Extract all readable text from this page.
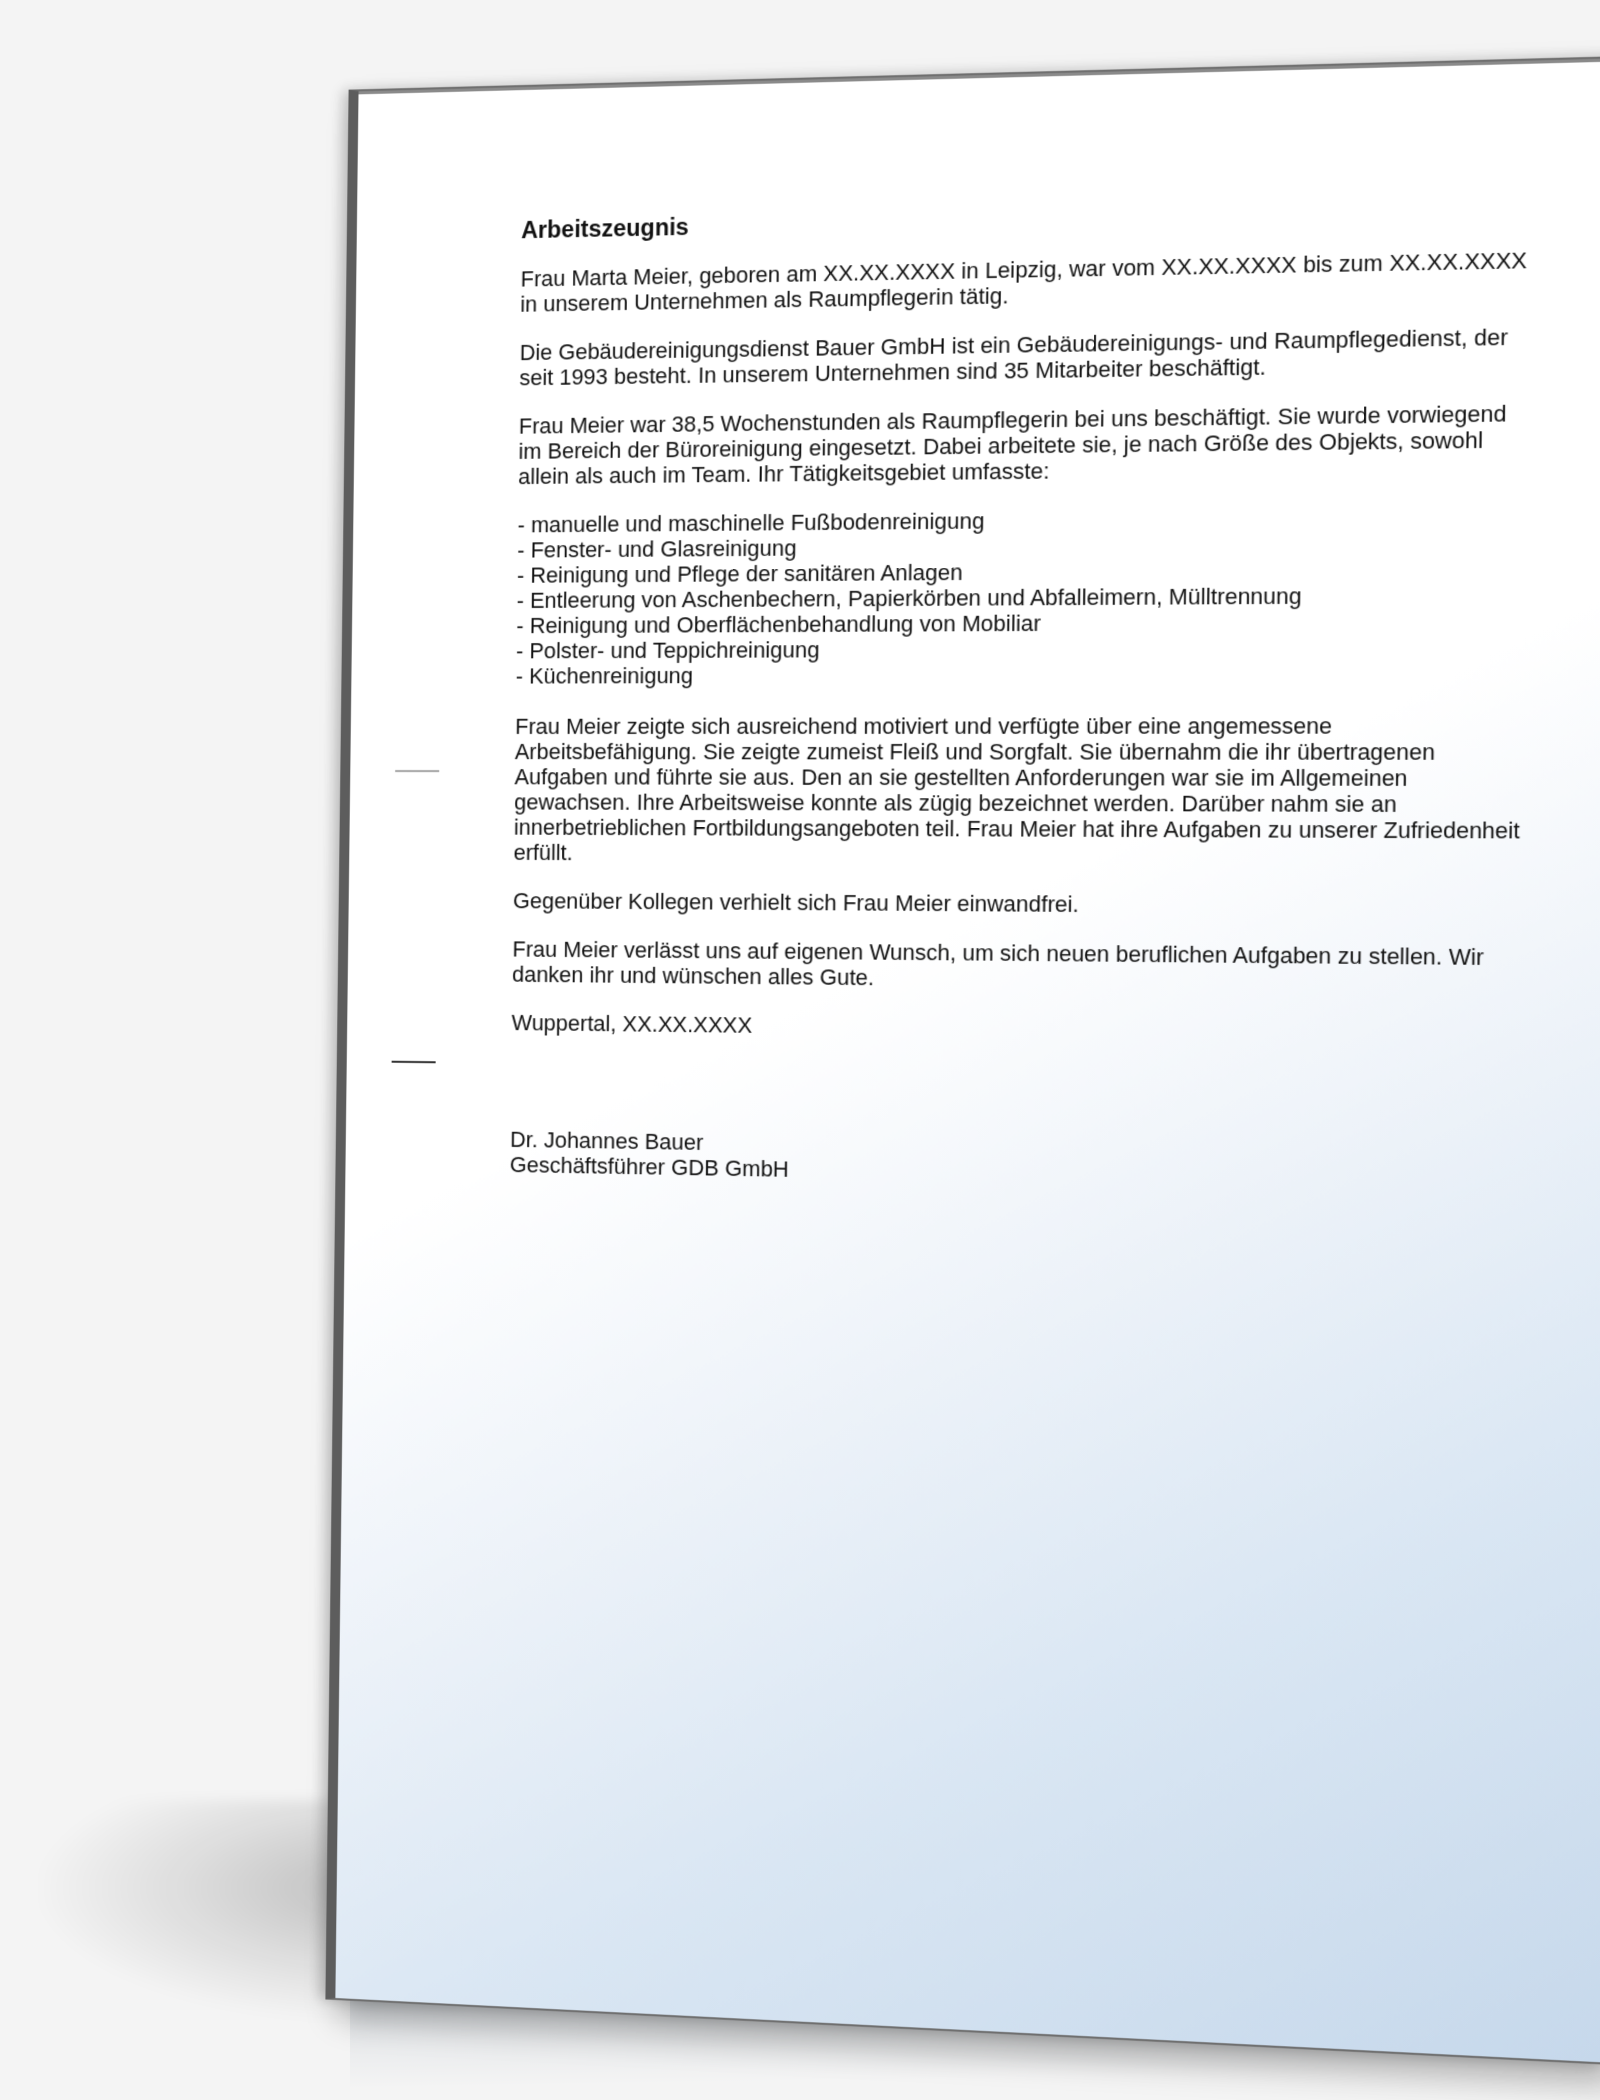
Arbeitszeugnis

Frau Marta Meier, geboren am XX.XX.XXXX in Leipzig, war vom XX.XX.XXXX bis zum XX.XX.XXXX in unserem Unternehmen als Raumpflegerin tätig.

Die Gebäudereinigungsdienst Bauer GmbH ist ein Gebäudereinigungs- und Raumpflegedienst, der seit 1993 besteht. In unserem Unternehmen sind 35 Mitarbeiter beschäftigt.

Frau Meier war 38,5 Wochenstunden als Raumpflegerin bei uns beschäftigt. Sie wurde vorwiegend im Bereich der Büroreinigung eingesetzt. Dabei arbeitete sie, je nach Größe des Objekts, sowohl allein als auch im Team. Ihr Tätigkeitsgebiet umfasste:

- manuelle und maschinelle Fußbodenreinigung
- Fenster- und Glasreinigung
- Reinigung und Pflege der sanitären Anlagen
- Entleerung von Aschenbechern, Papierkörben und Abfalleimern, Mülltrennung
- Reinigung und Oberflächenbehandlung von Mobiliar
- Polster- und Teppichreinigung
- Küchenreinigung

Frau Meier zeigte sich ausreichend motiviert und verfügte über eine angemessene Arbeitsbefähigung. Sie zeigte zumeist Fleiß und Sorgfalt. Sie übernahm die ihr übertragenen Aufgaben und führte sie aus. Den an sie gestellten Anforderungen war sie im Allgemeinen gewachsen. Ihre Arbeitsweise konnte als zügig bezeichnet werden. Darüber nahm sie an innerbetrieblichen Fortbildungsangeboten teil. Frau Meier hat ihre Aufgaben zu unserer Zufriedenheit erfüllt.

Gegenüber Kollegen verhielt sich Frau Meier einwandfrei.

Frau Meier verlässt uns auf eigenen Wunsch, um sich neuen beruflichen Aufgaben zu stellen. Wir danken ihr und wünschen alles Gute.

Wuppertal, XX.XX.XXXX

Dr. Johannes Bauer
Geschäftsführer GDB GmbH
